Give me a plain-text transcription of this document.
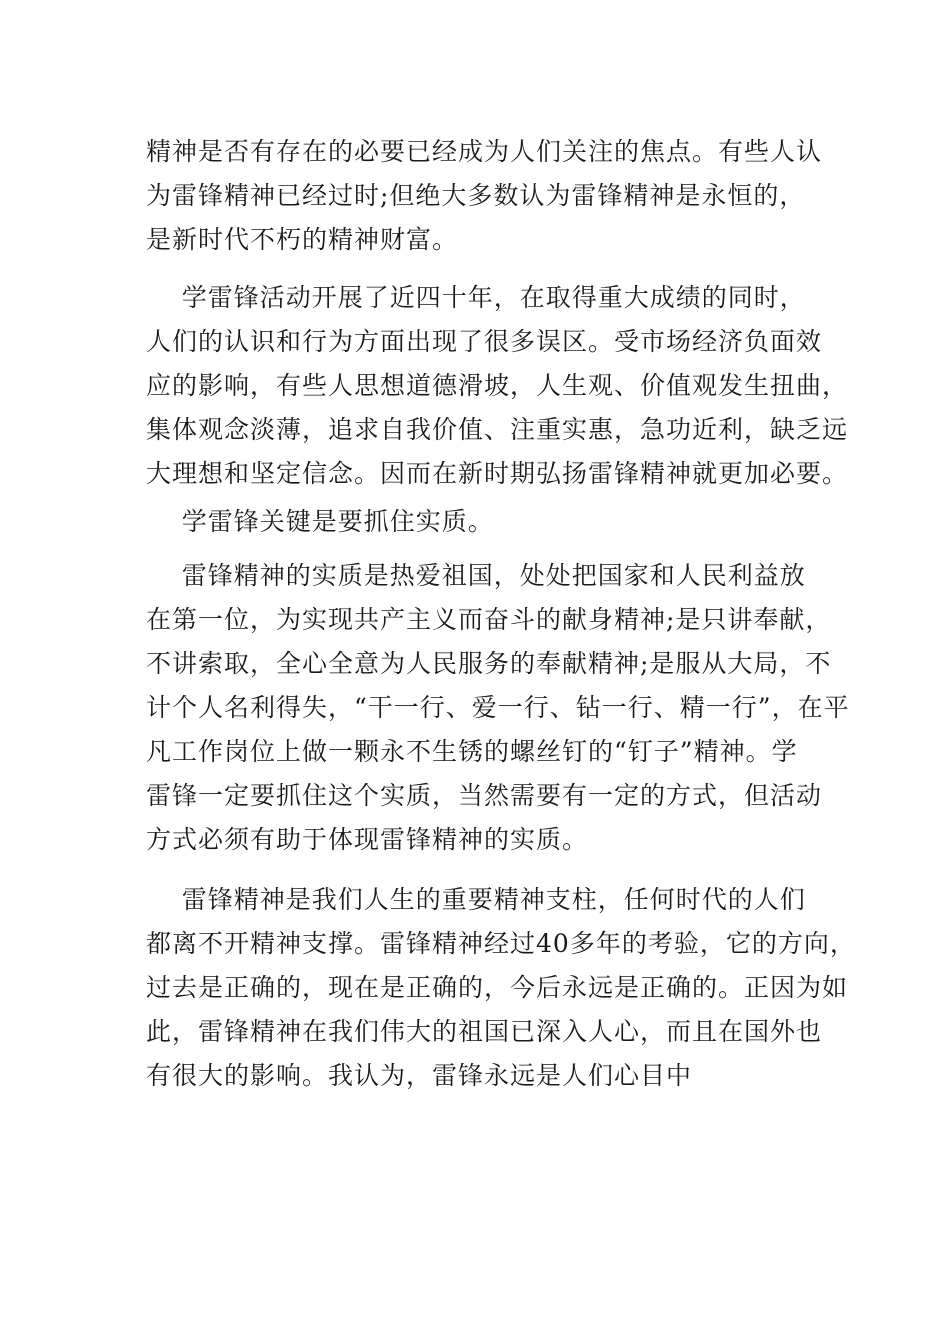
精神是否有存在的必要已经成为人们关注的焦点。有些人认
为雷锋精神已经过时;但绝大多数认为雷锋精神是永恒的，
是新时代不朽的精神财富。
学雷锋活动开展了近四十年，在取得重大成绩的同时，
人们的认识和行为方面出现了很多误区。受市场经济负面效
应的影响，有些人思想道德滑坡，人生观、价值观发生扭曲，
集体观念淡薄，追求自我价值、注重实惠，急功近利，缺乏远
大理想和坚定信念。因而在新时期弘扬雷锋精神就更加必要。
学雷锋关键是要抓住实质。
雷锋精神的实质是热爱祖国，处处把国家和人民利益放
在第一位，为实现共产主义而奋斗的献身精神;是只讲奉献，
不讲索取，全心全意为人民服务的奉献精神;是服从大局，不
计个人名利得失，“干一行、爱一行、钻一行、精一行”，在平
凡工作岗位上做一颗永不生锈的螺丝钉的“钉子”精神。学
雷锋一定要抓住这个实质，当然需要有一定的方式，但活动
方式必须有助于体现雷锋精神的实质。
雷锋精神是我们人生的重要精神支柱，任何时代的人们
都离不开精神支撑。雷锋精神经过40多年的考验，它的方向，
过去是正确的，现在是正确的，今后永远是正确的。正因为如
此，雷锋精神在我们伟大的祖国已深入人心，而且在国外也
有很大的影响。我认为，雷锋永远是人们心目中
